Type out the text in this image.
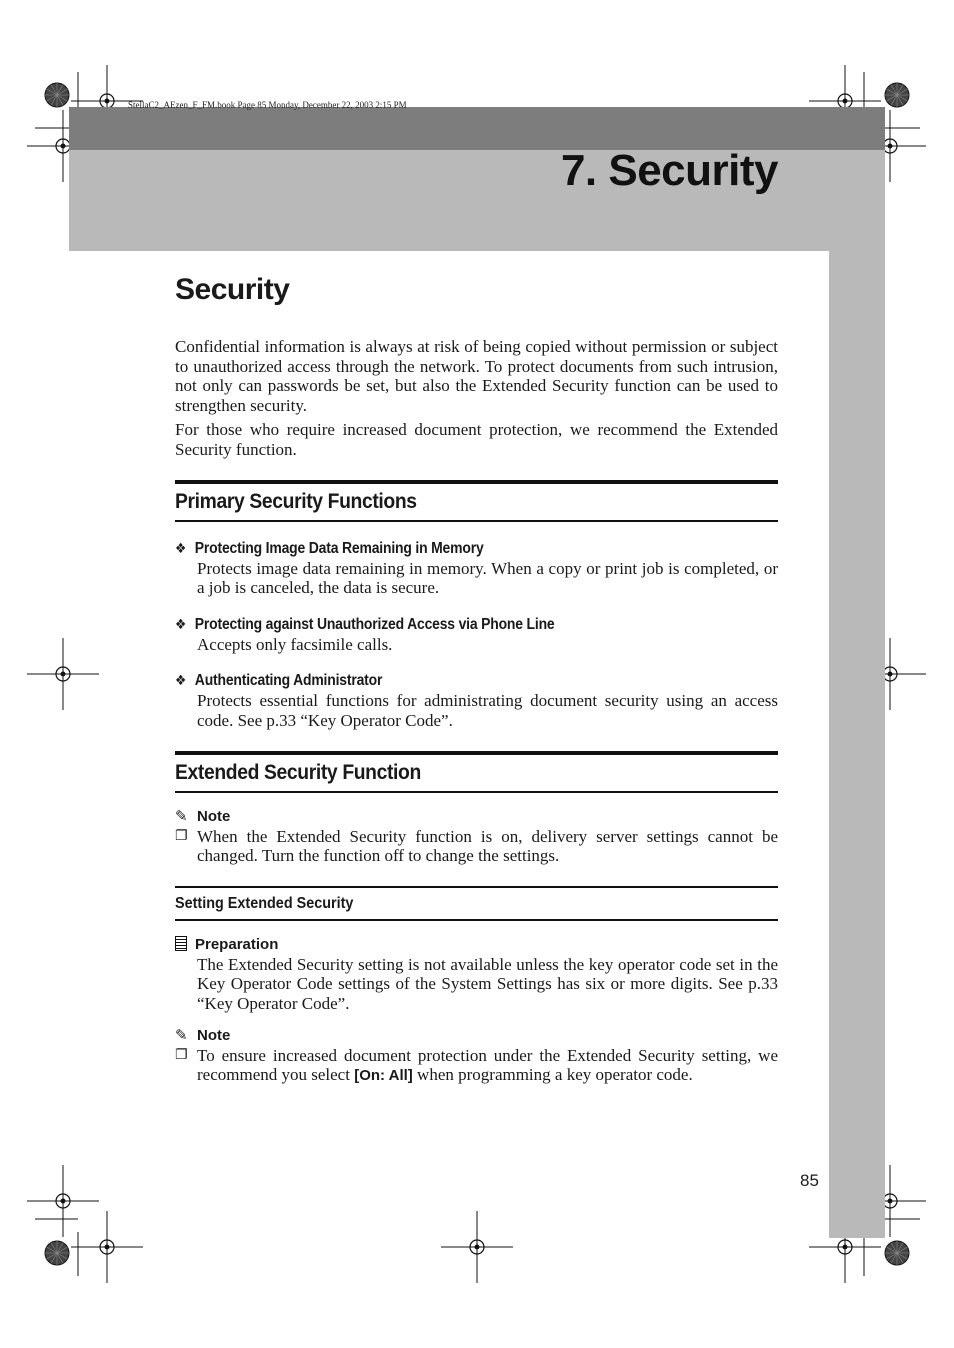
StellaC2_AEzen_F_FM.book Page 85 Monday, December 22, 2003 2:15 PM
7. Security
Security

Confidential information is always at risk of being copied without permission or subject to unauthorized access through the network. To protect documents from such intrusion, not only can passwords be set, but also the Extended Security function can be used to strengthen security.

For those who require increased document protection, we recommend the Extended Security function.

Primary Security Functions
❖ Protecting Image Data Remaining in Memory

Protects image data remaining in memory. When a copy or print job is completed, or a job is canceled, the data is secure.

❖ Protecting against Unauthorized Access via Phone Line

Accepts only facsimile calls.

❖ Authenticating Administrator

Protects essential functions for administrating document security using an access code. See p.33 “Key Operator Code”.

Extended Security Function
✎ Note
❐ When the Extended Security function is on, delivery server settings cannot be changed. Turn the function off to change the settings.

Setting Extended Security
Preparation

The Extended Security setting is not available unless the key operator code set in the Key Operator Code settings of the System Settings has six or more digits. See p.33 “Key Operator Code”.

✎ Note
❐ To ensure increased document protection under the Extended Security setting, we recommend you select [On: All] when programming a key operator code.

85
